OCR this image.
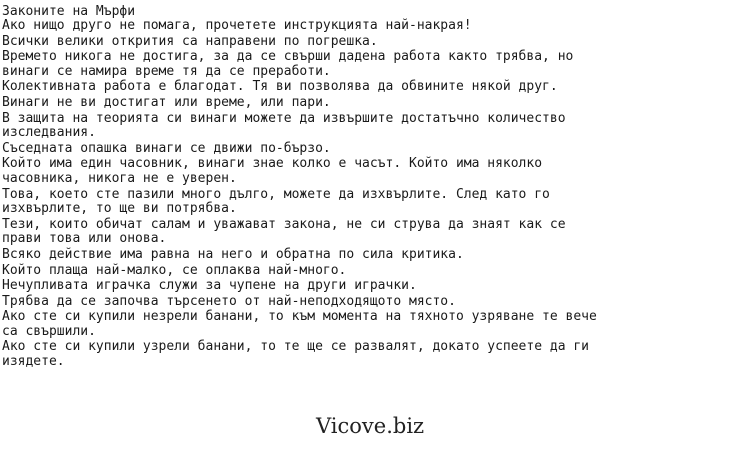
Законите на Мърфи
Ако нищо друго не помага, прочетете инструкцията най-накрая!
Всички велики открития са направени по погрешка.
Времето никога не достига, за да се свърши дадена работа както трябва, но винаги се намира време тя да се преработи.
Колективната работа е благодат. Тя ви позволява да обвините някой друг.
Винаги не ви достигат или време, или пари.
В защита на теорията си винаги можете да извършите достатъчно количество изследвания.
Съседната опашка винаги се движи по-бързо.
Който има един часовник, винаги знае колко е часът. Който има няколко часовника, никога не е уверен.
Това, което сте пазили много дълго, можете да изхвърлите. След като го изхвърлите, то ще ви потрябва.
Тези, които обичат салам и уважават закона, не си струва да знаят как се прави това или онова.
Всяко действие има равна на него и обратна по сила критика.
Който плаща най-малко, се оплаква най-много.
Нечупливата играчка служи за чупене на други играчки.
Трябва да се започва търсенето от най-неподходящото място.
Ако сте си купили незрели банани, то към момента на тяхното узряване те вече са свършили.
Ако сте си купили узрели банани, то те ще се развалят, докато успеете да ги изядете.
Vicove.biz
